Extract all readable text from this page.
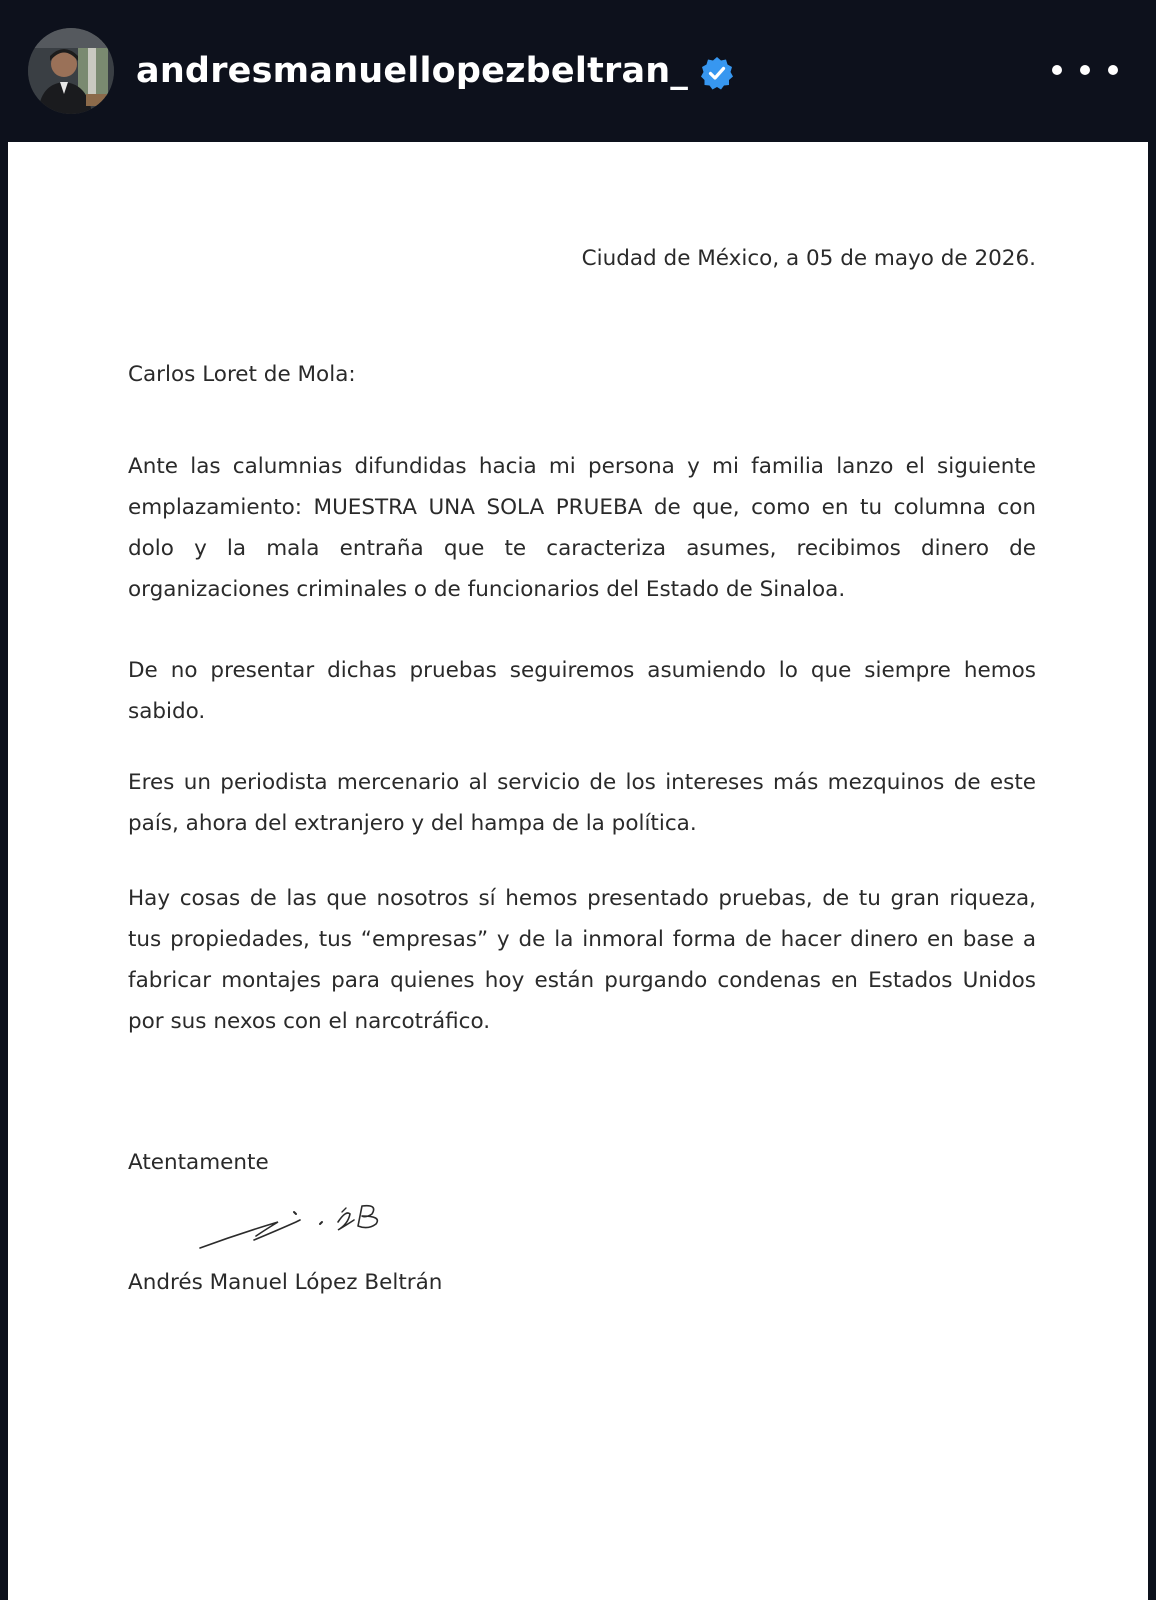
andresmanuellopezbeltran_
Ciudad de México, a 05 de mayo de 2026.
Carlos Loret de Mola:
Ante las calumnias difundidas hacia mi persona y mi familia lanzo el siguiente emplazamiento: MUESTRA UNA SOLA PRUEBA de que, como en tu columna con dolo y la mala entraña que te caracteriza asumes, recibimos dinero de organizaciones criminales o de funcionarios del Estado de Sinaloa.
De no presentar dichas pruebas seguiremos asumiendo lo que siempre hemos sabido.
Eres un periodista mercenario al servicio de los intereses más mezquinos de este país, ahora del extranjero y del hampa de la política.
Hay cosas de las que nosotros sí hemos presentado pruebas, de tu gran riqueza, tus propiedades, tus “empresas” y de la inmoral forma de hacer dinero en base a fabricar montajes para quienes hoy están purgando condenas en Estados Unidos por sus nexos con el narcotráfico.
Atentamente
Andrés Manuel López Beltrán
